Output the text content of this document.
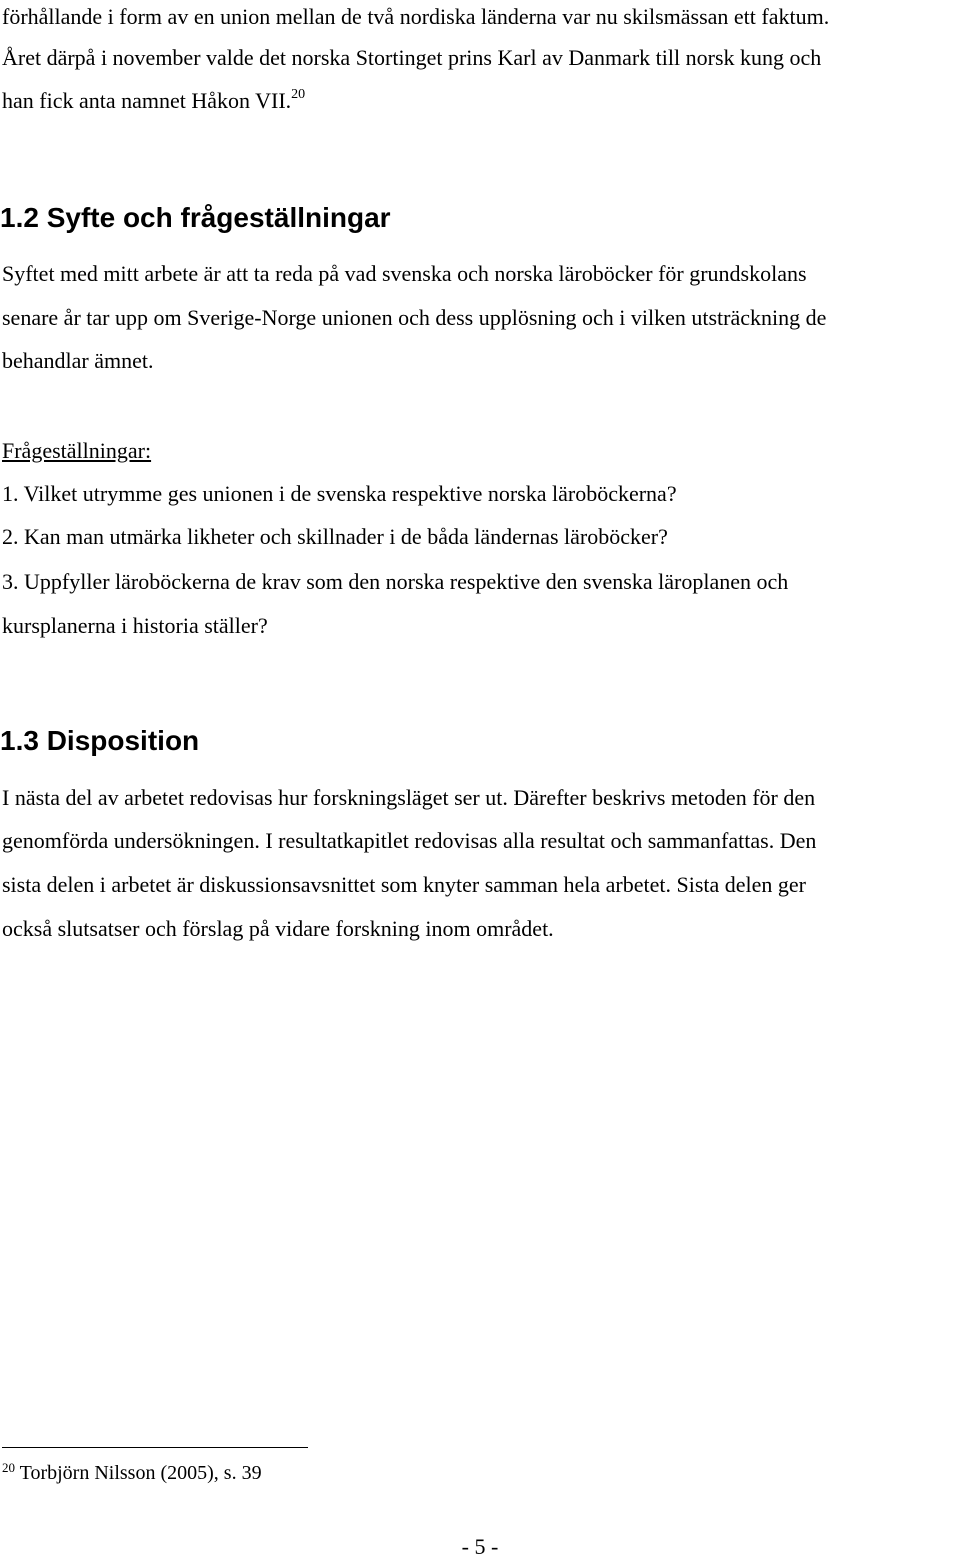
förhållande i form av en union mellan de två nordiska länderna var nu skilsmässan ett faktum.
Året därpå i november valde det norska Stortinget prins Karl av Danmark till norsk kung och
han fick anta namnet Håkon VII.$^{20}$
1.2 Syfte och frågeställningar
Syftet med mitt arbete är att ta reda på vad svenska och norska läroböcker för grundskolans
senare år tar upp om Sverige-Norge unionen och dess upplösning och i vilken utsträckning de
behandlar ämnet.
Frågeställningar:
1. Vilket utrymme ges unionen i de svenska respektive norska läroböckerna?
2. Kan man utmärka likheter och skillnader i de båda ländernas läroböcker?
3. Uppfyller läroböckerna de krav som den norska respektive den svenska läroplanen och
kursplanerna i historia ställer?
1.3 Disposition
I nästa del av arbetet redovisas hur forskningsläget ser ut. Därefter beskrivs metoden för den
genomförda undersökningen. I resultatkapitlet redovisas alla resultat och sammanfattas. Den
sista delen i arbetet är diskussionsavsnittet som knyter samman hela arbetet. Sista delen ger
också slutsatser och förslag på vidare forskning inom området.
$^{20}$ Torbjörn Nilsson (2005), s. 39
- 5 -
